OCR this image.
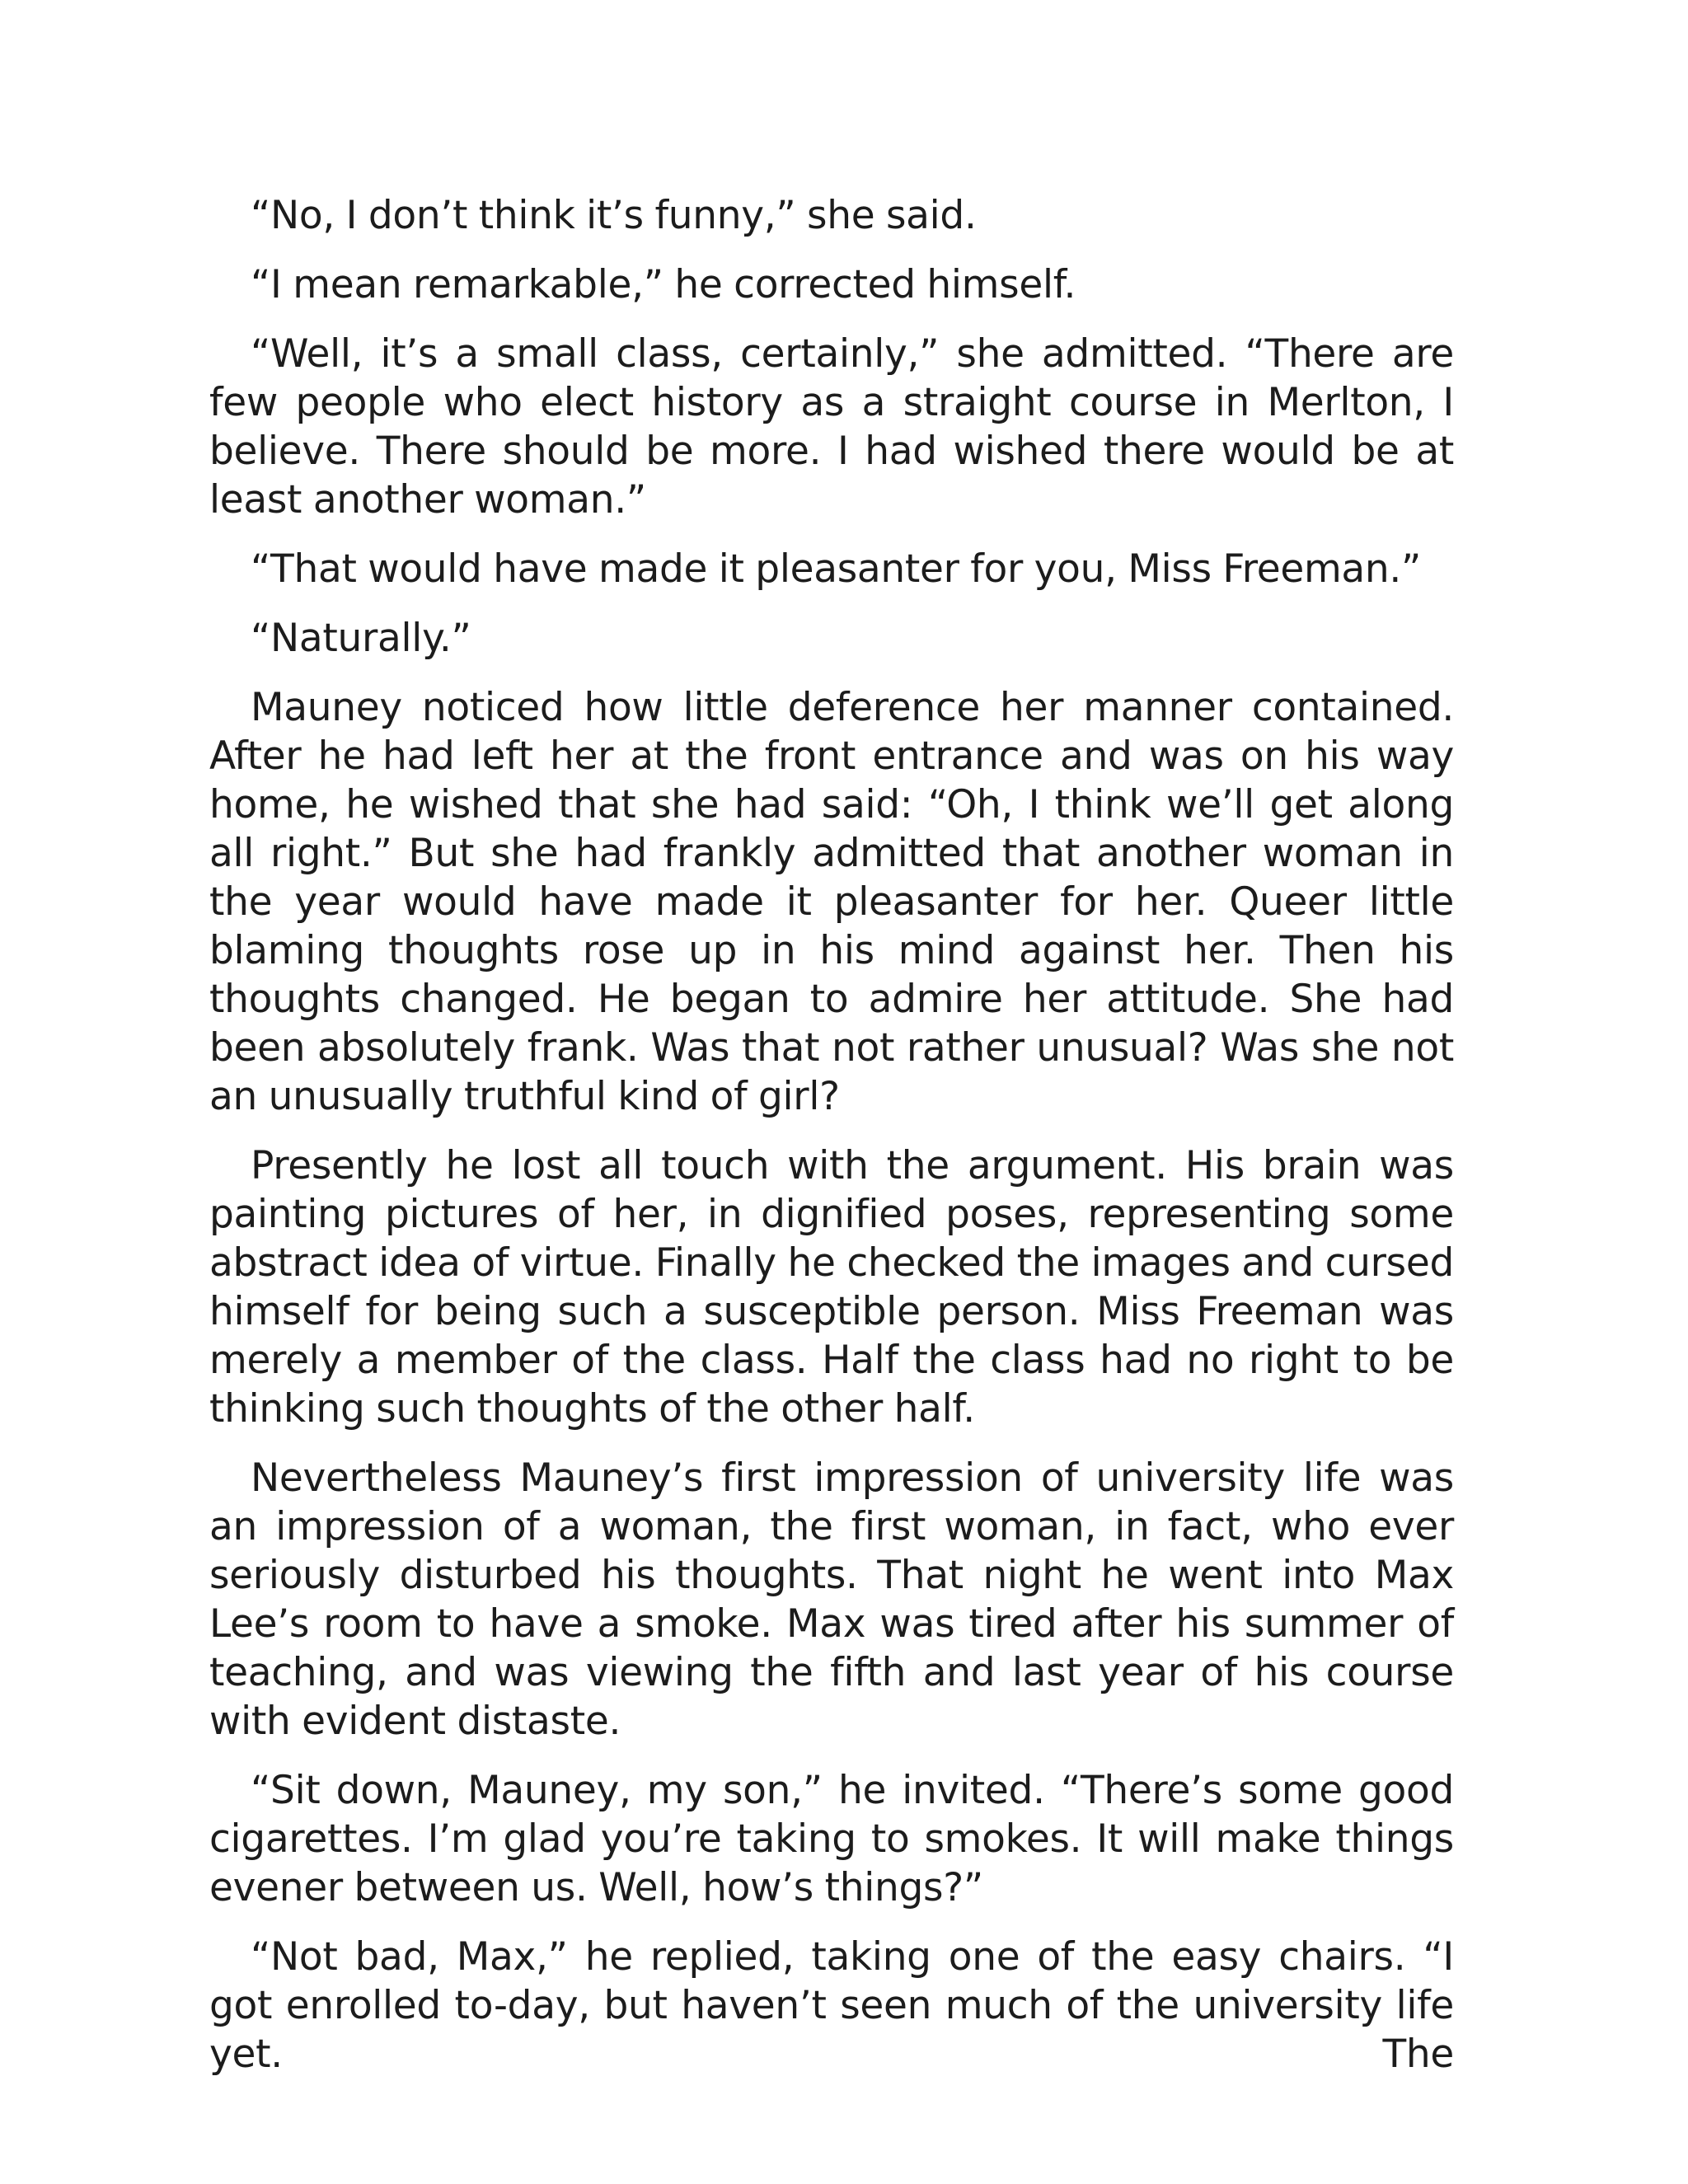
“No, I don’t think it’s funny,” she said.

“I mean remarkable,” he corrected himself.

“Well, it’s a small class, certainly,” she admitted. “There are few people who elect history as a straight course in Merlton, I believe. There should be more. I had wished there would be at least another woman.”

“That would have made it pleasanter for you, Miss Freeman.”

“Naturally.”

Mauney noticed how little deference her manner contained. After he had left her at the front entrance and was on his way home, he wished that she had said: “Oh, I think we’ll get along all right.” But she had frankly admitted that another woman in the year would have made it pleasanter for her. Queer little blaming thoughts rose up in his mind against her. Then his thoughts changed. He began to admire her attitude. She had been absolutely frank. Was that not rather unusual? Was she not an unusually truthful kind of girl?

Presently he lost all touch with the argument. His brain was painting pictures of her, in dignified poses, representing some abstract idea of virtue. Finally he checked the images and cursed himself for being such a susceptible person. Miss Freeman was merely a member of the class. Half the class had no right to be thinking such thoughts of the other half.

Nevertheless Mauney’s first impression of university life was an impression of a woman, the first woman, in fact, who ever seriously disturbed his thoughts. That night he went into Max Lee’s room to have a smoke. Max was tired after his summer of teaching, and was viewing the fifth and last year of his course with evident distaste.

“Sit down, Mauney, my son,” he invited. “There’s some good cigarettes. I’m glad you’re taking to smokes. It will make things evener between us. Well, how’s things?”

“Not bad, Max,” he replied, taking one of the easy chairs. “I got enrolled to-day, but haven’t seen much of the university life yet. The
